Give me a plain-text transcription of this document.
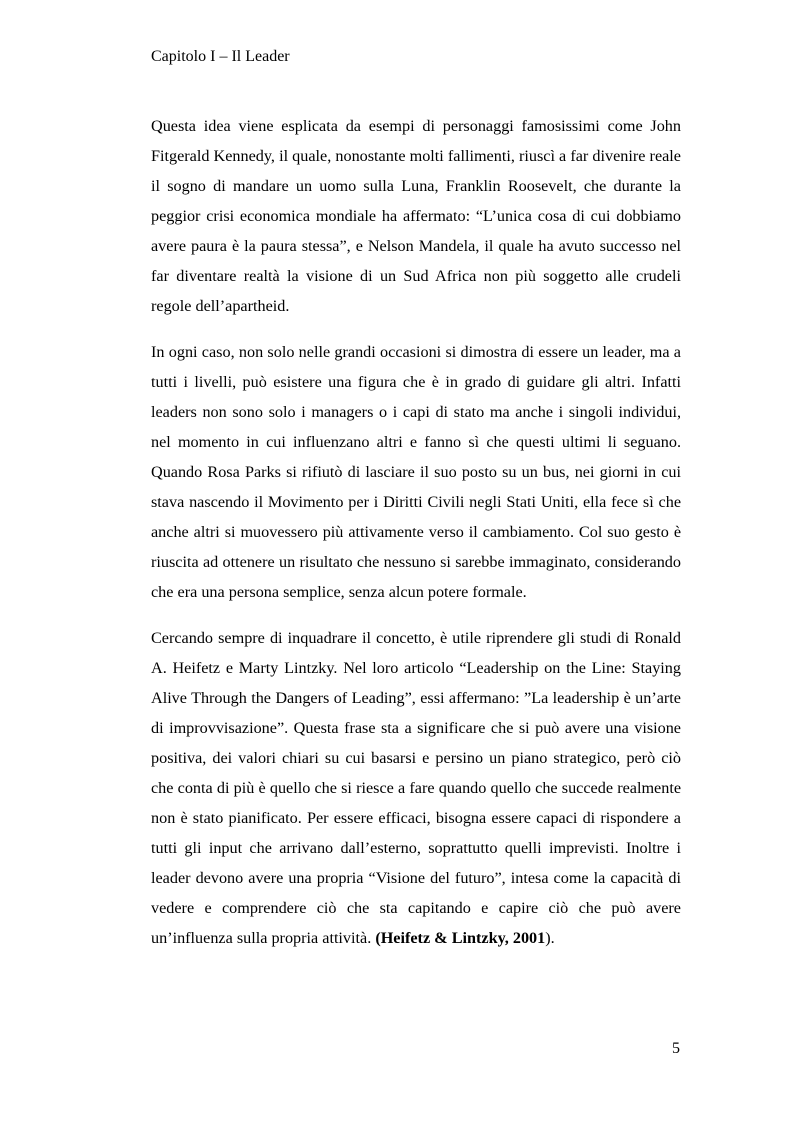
Capitolo I – Il Leader

Questa idea viene esplicata da esempi di personaggi famosissimi come John Fitgerald Kennedy, il quale, nonostante molti fallimenti, riuscì a far divenire reale il sogno di mandare un uomo sulla Luna, Franklin Roosevelt, che durante la peggior crisi economica mondiale ha affermato: “L’unica cosa di cui dobbiamo avere paura è la paura stessa”, e Nelson Mandela, il quale ha avuto successo nel far diventare realtà la visione di un Sud Africa non più soggetto alle crudeli regole dell’apartheid.

In ogni caso, non solo nelle grandi occasioni si dimostra di essere un leader, ma a tutti i livelli, può esistere una figura che è in grado di guidare gli altri. Infatti leaders non sono solo i managers o i capi di stato ma anche i singoli individui, nel momento in cui influenzano altri e fanno sì che questi ultimi li seguano. Quando Rosa Parks si rifiutò di lasciare il suo posto su un bus, nei giorni in cui stava nascendo il Movimento per i Diritti Civili negli Stati Uniti, ella fece sì che anche altri si muovessero più attivamente verso il cambiamento. Col suo gesto è riuscita ad ottenere un risultato che nessuno si sarebbe immaginato, considerando che era una persona semplice, senza alcun potere formale.

Cercando sempre di inquadrare il concetto, è utile riprendere gli studi di Ronald A. Heifetz e Marty Lintzky. Nel loro articolo “Leadership on the Line: Staying Alive Through the Dangers of Leading”, essi affermano: ”La leadership è un’arte di improvvisazione”. Questa frase sta a significare che si può avere una visione positiva, dei valori chiari su cui basarsi e persino un piano strategico, però ciò che conta di più è quello che si riesce a fare quando quello che succede realmente non è stato pianificato. Per essere efficaci, bisogna essere capaci di rispondere a tutti gli input che arrivano dall’esterno, soprattutto quelli imprevisti. Inoltre i leader devono avere una propria “Visione del futuro”, intesa come la capacità di vedere e comprendere ciò che sta capitando e capire ciò che può avere un’influenza sulla propria attività. (Heifetz & Lintzky, 2001).

5
